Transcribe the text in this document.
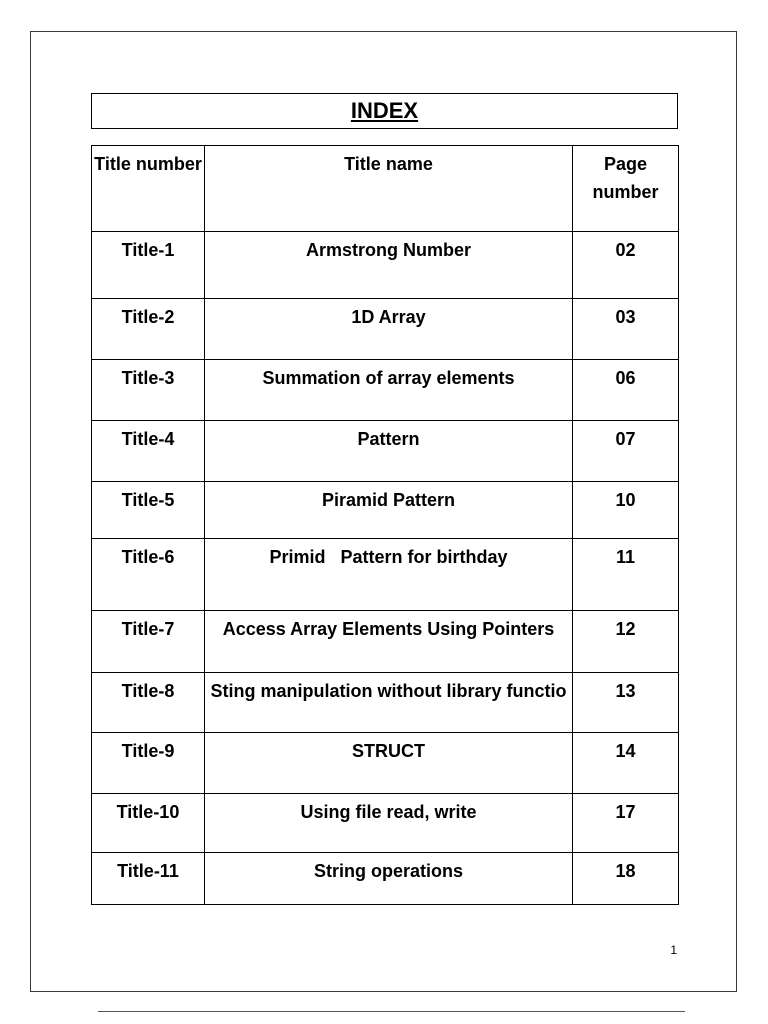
INDEX
Title number	Title name	Page number
Title-1	Armstrong Number	02
Title-2	1D Array	03
Title-3	Summation of array elements	06
Title-4	Pattern	07
Title-5	Piramid Pattern	10
Title-6	Primid   Pattern for birthday	11
Title-7	Access Array Elements Using Pointers	12
Title-8	Sting manipulation without library functio	13
Title-9	STRUCT	14
Title-10	Using file read, write	17
Title-11	String operations	18
1
